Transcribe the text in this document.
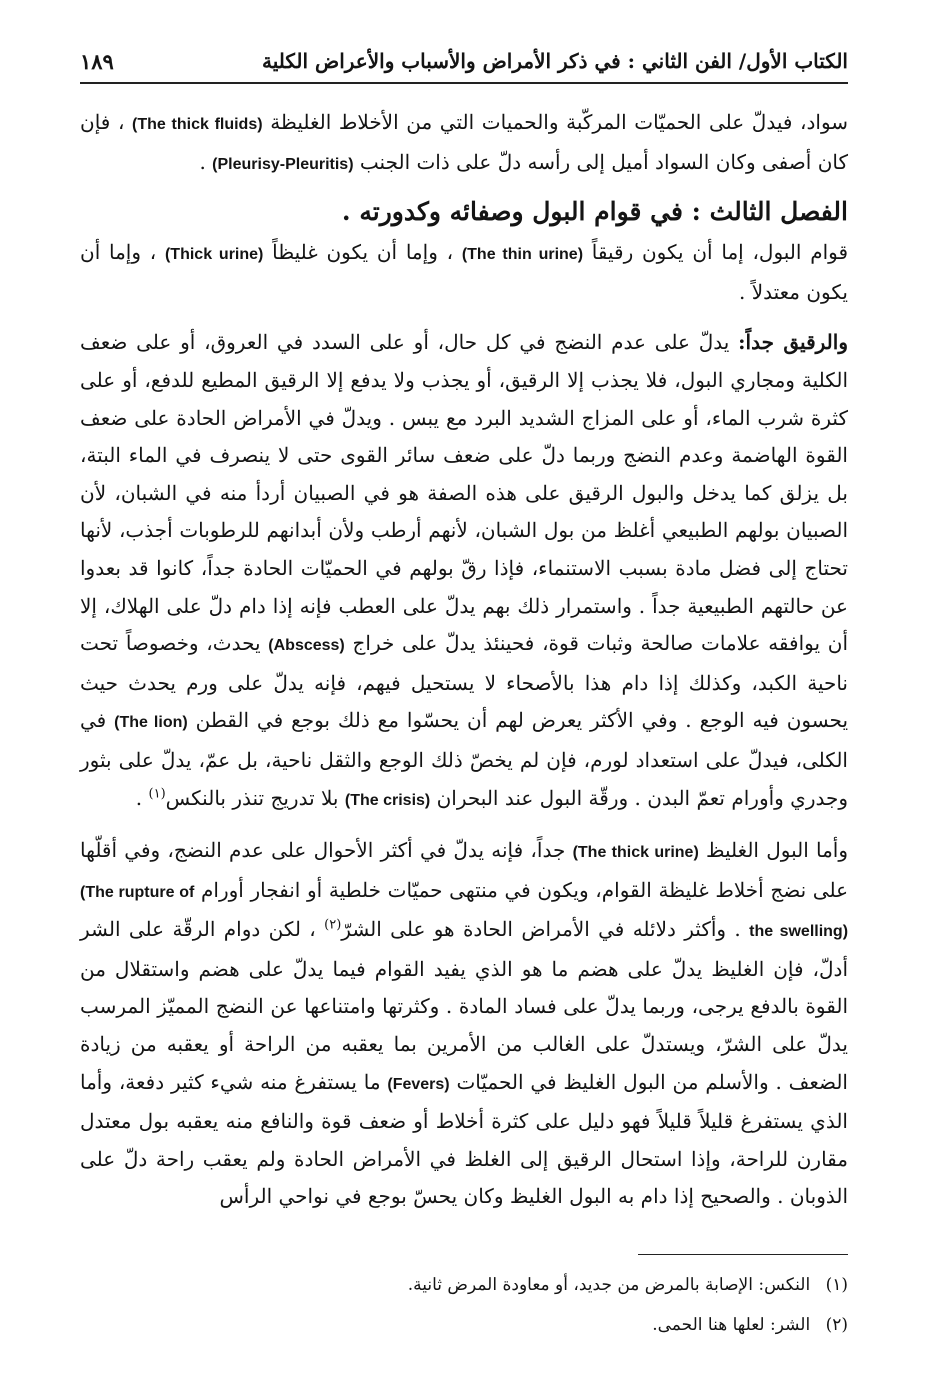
الكتاب الأول/ الفن الثاني : في ذكر الأمراض والأسباب والأعراض الكلية
١٨٩

سواد، فيدلّ على الحميّات المركّبة والحميات التي من الأخلاط الغليظة (The thick fluids) ، فإن كان أصفى وكان السواد أميل إلى رأسه دلّ على ذات الجنب (Pleurisy-Pleuritis) .

الفصل الثالث : في قوام البول وصفائه وكدورته .

قوام البول، إما أن يكون رقيقاً (The thin urine) ، وإما أن يكون غليظاً (Thick urine) ، وإما أن يكون معتدلاً .

والرقيق جداً: يدلّ على عدم النضج في كل حال، أو على السدد في العروق، أو على ضعف الكلية ومجاري البول، فلا يجذب إلا الرقيق، أو يجذب ولا يدفع إلا الرقيق المطيع للدفع، أو على كثرة شرب الماء، أو على المزاج الشديد البرد مع يبس . ويدلّ في الأمراض الحادة على ضعف القوة الهاضمة وعدم النضج وربما دلّ على ضعف سائر القوى حتى لا ينصرف في الماء البتة، بل يزلق كما يدخل والبول الرقيق على هذه الصفة هو في الصبيان أردأ منه في الشبان، لأن الصبيان بولهم الطبيعي أغلظ من بول الشبان، لأنهم أرطب ولأن أبدانهم للرطوبات أجذب، لأنها تحتاج إلى فضل مادة بسبب الاستنماء، فإذا رقّ بولهم في الحميّات الحادة جداً، كانوا قد بعدوا عن حالتهم الطبيعية جداً . واستمرار ذلك بهم يدلّ على العطب فإنه إذا دام دلّ على الهلاك، إلا أن يوافقه علامات صالحة وثبات قوة، فحينئذ يدلّ على خراج (Abscess) يحدث، وخصوصاً تحت ناحية الكبد، وكذلك إذا دام هذا بالأصحاء لا يستحيل فيهم، فإنه يدلّ على ورم يحدث حيث يحسون فيه الوجع . وفي الأكثر يعرض لهم أن يحسّوا مع ذلك بوجع في القطن (The lion) في الكلى، فيدلّ على استعداد لورم، فإن لم يخصّ ذلك الوجع والثقل ناحية، بل عمّ، يدلّ على بثور وجدري وأورام تعمّ البدن . ورقّة البول عند البحران (The crisis) بلا تدريج تنذر بالنكس$^{(١)}$ .

وأما البول الغليظ (The thick urine) جداً، فإنه يدلّ في أكثر الأحوال على عدم النضج، وفي أقلّها على نضج أخلاط غليظة القوام، ويكون في منتهى حميّات خلطية أو انفجار أورام (The rupture of the swelling) . وأكثر دلائله في الأمراض الحادة هو على الشرّ$^{(٢)}$ ، لكن دوام الرقّة على الشر أدلّ، فإن الغليظ يدلّ على هضم ما هو الذي يفيد القوام فيما يدلّ على هضم واستقلال من القوة بالدفع يرجى، وربما يدلّ على فساد المادة . وكثرتها وامتناعها عن النضج المميّز المرسب يدلّ على الشرّ، ويستدلّ على الغالب من الأمرين بما يعقبه من الراحة أو يعقبه من زيادة الضعف . والأسلم من البول الغليظ في الحميّات (Fevers) ما يستفرغ منه شيء كثير دفعة، وأما الذي يستفرغ قليلاً قليلاً فهو دليل على كثرة أخلاط أو ضعف قوة والنافع منه يعقبه بول معتدل مقارن للراحة، وإذا استحال الرقيق إلى الغلظ في الأمراض الحادة ولم يعقب راحة دلّ على الذوبان . والصحيح إذا دام به البول الغليظ وكان يحسّ بوجع في نواحي الرأس

(١) النكس: الإصابة بالمرض من جديد، أو معاودة المرض ثانية.
(٢) الشر: لعلها هنا الحمى.
